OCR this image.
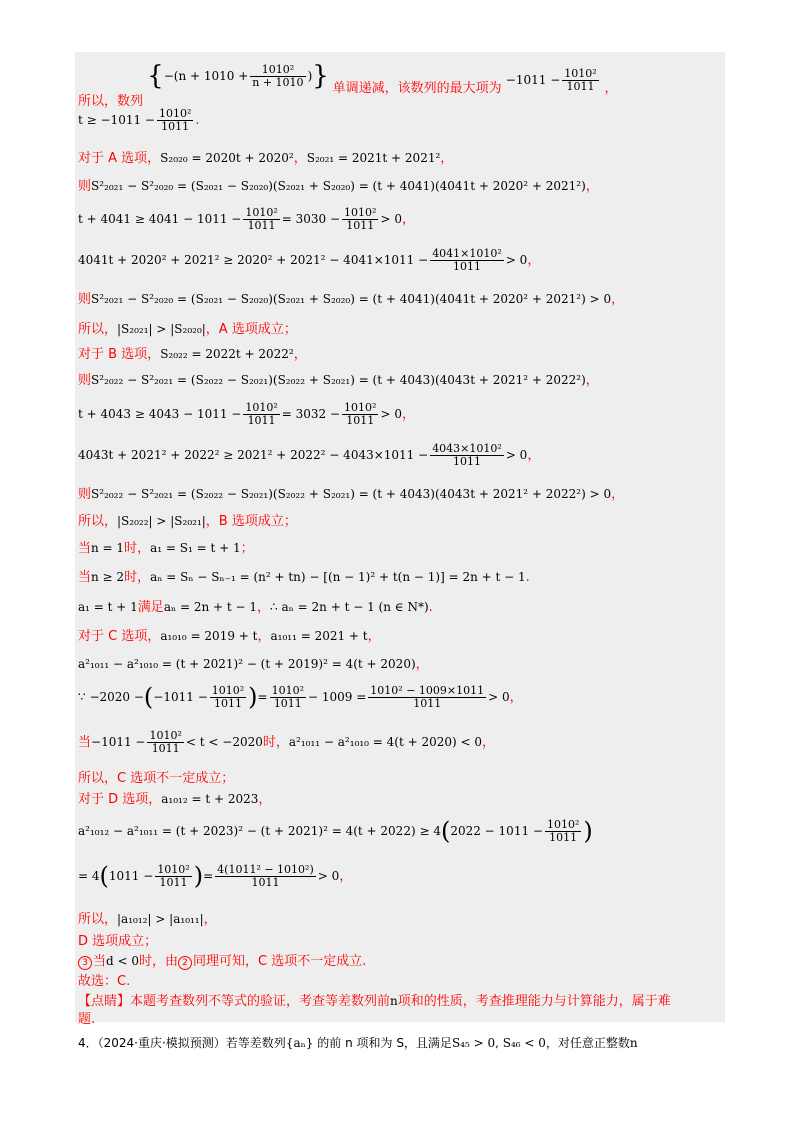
所以，数列 {$-(n + 1010 + \frac{\text{1010²}}{n + 1010}$ )} 单调递减，该数列的最大项为 $-1011 - \frac{\text{1010²}}{1011}$ ，
$t \ge -1011 - \frac{\text{1010²}}{1011}$ .
对于 A 选项，S₂₀₂₀ = 2020t + 2020²，S₂₀₂₁ = 2021t + 2021²，
则S²₂₀₂₁ − S²₂₀₂₀ = (S₂₀₂₁ − S₂₀₂₀)(S₂₀₂₁ + S₂₀₂₀) = (t + 4041)(4041t + 2020² + 2021²)，
$t + 4041 \ge 4041 - 1011 - \frac{\text{1010²}}{1011} = 3030 - \frac{\text{1010²}}{1011} > 0$，
$4041t + 2020^2 + 2021^2 \ge 2020^2 + 2021^2 - 4041\times 1011 - \frac{\text{4041×1010²}}{1011} > 0$，
则S²₂₀₂₁ − S²₂₀₂₀ = (S₂₀₂₁ − S₂₀₂₀)(S₂₀₂₁ + S₂₀₂₀) = (t + 4041)(4041t + 2020² + 2021²) > 0，
所以，|S₂₀₂₁| > |S₂₀₂₀|，A 选项成立；
对于 B 选项，S₂₀₂₂ = 2022t + 2022²，
则S²₂₀₂₂ − S²₂₀₂₁ = (S₂₀₂₂ − S₂₀₂₁)(S₂₀₂₂ + S₂₀₂₁) = (t + 4043)(4043t + 2021² + 2022²)，
$t + 4043 \ge 4043 - 1011 - \frac{\text{1010²}}{1011} = 3032 - \frac{\text{1010²}}{1011} > 0$，
$4043t + 2021^2 + 2022^2 \ge 2021^2 + 2022^2 - 4043\times 1011 - \frac{\text{4043×1010²}}{1011} > 0$，
则S²₂₀₂₂ − S²₂₀₂₁ = (S₂₀₂₂ − S₂₀₂₁)(S₂₀₂₂ + S₂₀₂₁) = (t + 4043)(4043t + 2021² + 2022²) > 0，
所以，|S₂₀₂₂| > |S₂₀₂₁|，B 选项成立；
当n = 1时，a₁ = S₁ = t + 1；
当n ≥ 2时，aₙ = Sₙ − Sₙ₋₁ = (n² + tn) − [(n − 1)² + t(n − 1)] = 2n + t − 1.
a₁ = t + 1满足aₙ = 2n + t − 1，∴ aₙ = 2n + t − 1 (n ∈ N*).
对于 C 选项，a₁₀₁₀ = 2019 + t，a₁₀₁₁ = 2021 + t，
a²₁₀₁₁ − a²₁₀₁₀ = (t + 2021)² − (t + 2019)² = 4(t + 2020)，
∵ $-2020 -(-1011 - \frac{\text{1010²}}{1011}$ )= $\frac{\text{1010²}}{1011} - 1009 = \frac{\text{1010² − 1009×1011}}{1011} > 0$，
当$-1011 - \frac{\text{1010²}}{1011} < t < -2020$时，a²₁₀₁₁ − a²₁₀₁₀ = 4(t + 2020) < 0，
所以，C 选项不一定成立；
对于 D 选项，a₁₀₁₂ = t + 2023，
$a^2_{1012} - a^2_{1011} = (t + 2023)^2 - (t + 2021)^2 = 4(t + 2022) \ge 4(2022 - 1011 - \frac{\text{1010²}}{1011}$ )
= $4(1011 - \frac{\text{1010²}}{1011}$ )= $\frac{\text{4(1011² − 1010²)}}{1011} > 0$，
所以，|a₁₀₁₂| > |a₁₀₁₁|，
D 选项成立；
3 当d < 0时，由 2 同理可知，C 选项不一定成立.
故选：C.
【点睛】本题考查数列不等式的验证，考查等差数列前n项和的性质，考查推理能力与计算能力，属于难
题.
4．（2024·重庆·模拟预测）若等差数列{aₙ} 的前 n 项和为 S，且满足S₄₅ > 0, S₄₆ < 0，对任意正整数n
